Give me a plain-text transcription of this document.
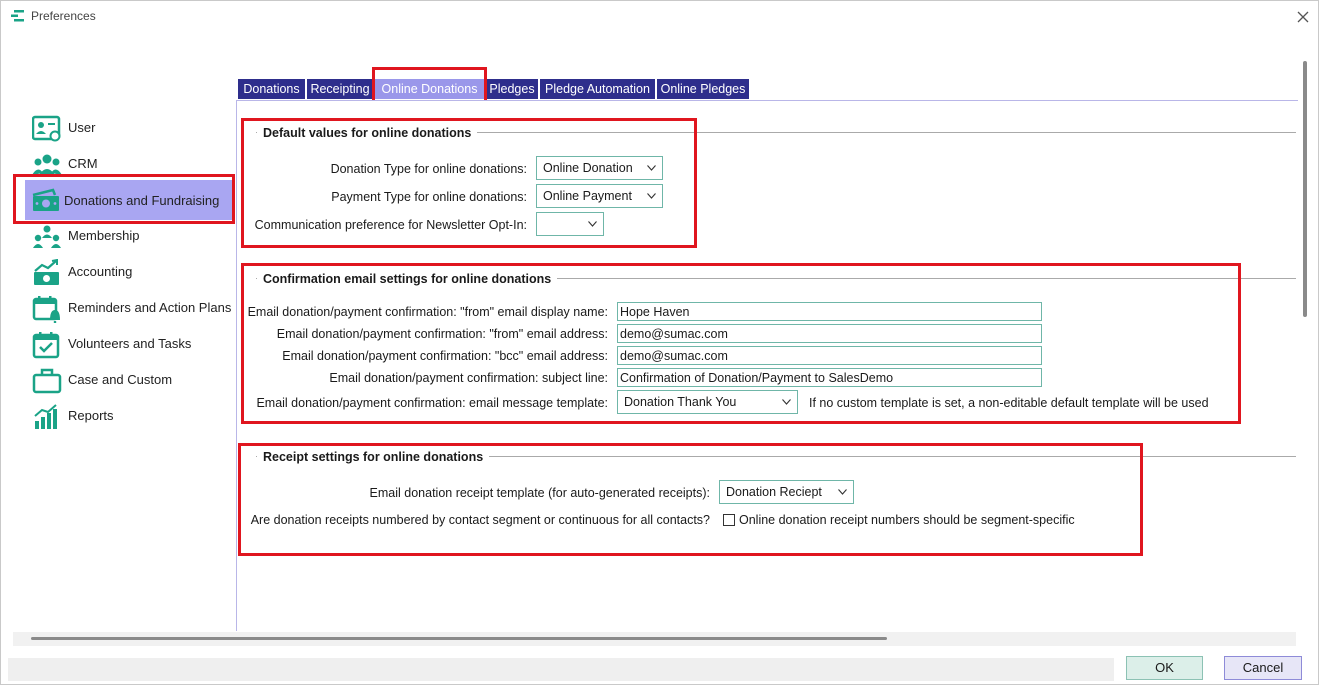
Preferences
User
CRM
Donations and Fundraising
Membership
Accounting
Reminders and Action Plans
Volunteers and Tasks
Case and Custom
Reports
Donations Receipting Online Donations Pledges Pledge Automation Online Pledges
Default values for online donations
Donation Type for online donations:	Online Donation
Payment Type for online donations:	Online Payment
Communication preference for Newsletter Opt-In:
Confirmation email settings for online donations
Email donation/payment confirmation: "from" email display name:
Hope Haven
Email donation/payment confirmation: "from" email address:
demo@sumac.com
Email donation/payment confirmation: "bcc" email address:
demo@sumac.com
Email donation/payment confirmation: subject line:
Confirmation of Donation/Payment to SalesDemo
Email donation/payment confirmation: email message template:	Donation Thank You	If no custom template is set, a non-editable default template will be used
Receipt settings for online donations
Email donation receipt template (for auto-generated receipts):	Donation Reciept
Are donation receipts numbered by contact segment or continuous for all contacts? Online donation receipt numbers should be segment-specific
OK	Cancel
